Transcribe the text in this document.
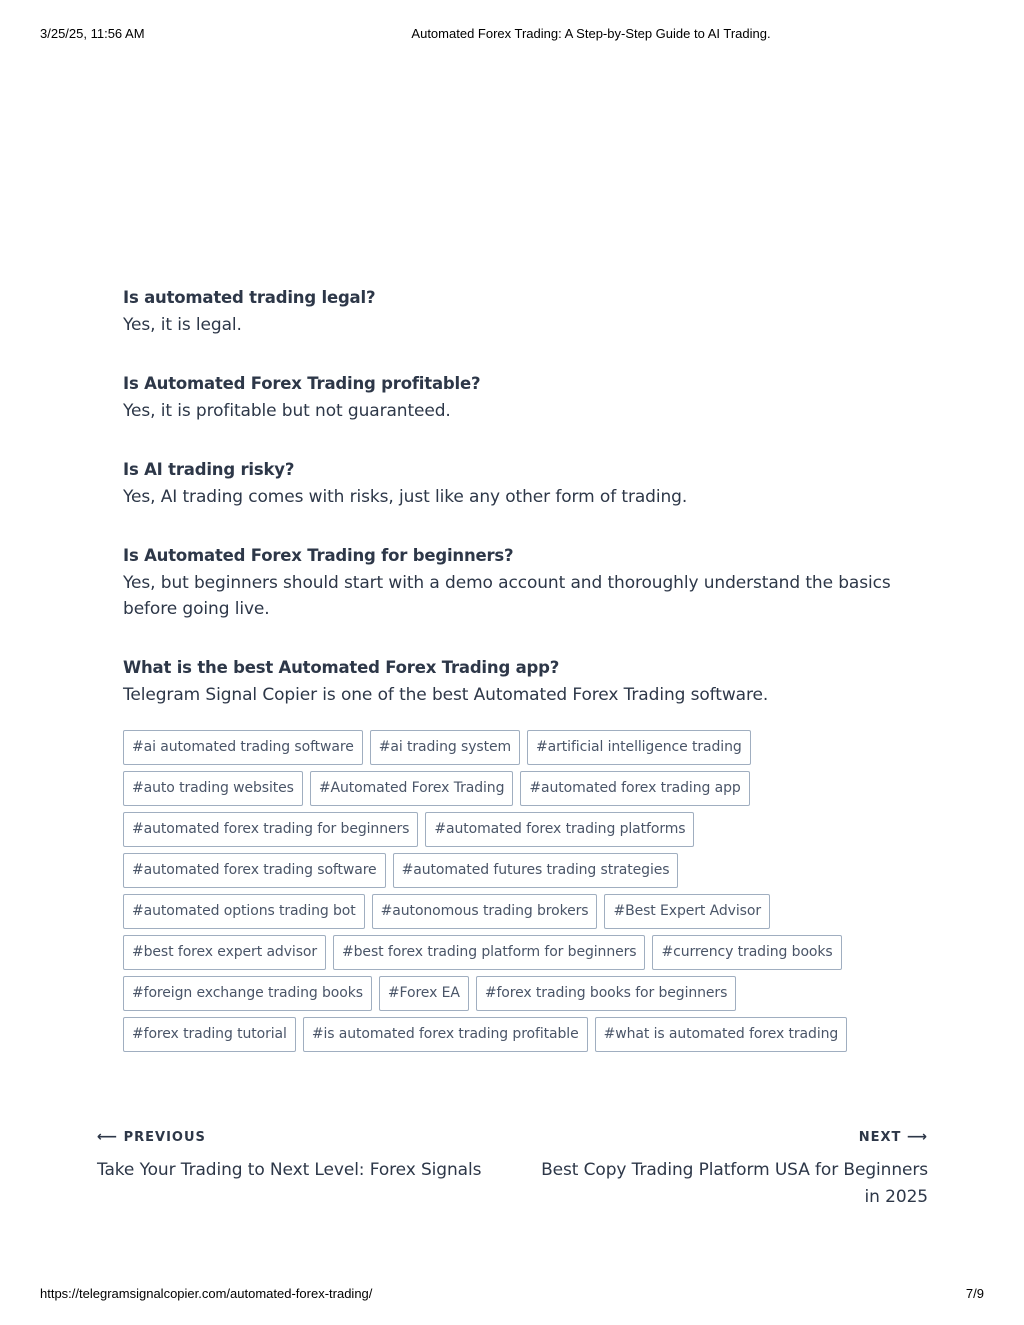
3/25/25, 11:56 AM	Automated Forex Trading: A Step-by-Step Guide to AI Trading.
Is automated trading legal?
Yes, it is legal.
Is Automated Forex Trading profitable?
Yes, it is profitable but not guaranteed.
Is AI trading risky?
Yes, AI trading comes with risks, just like any other form of trading.
Is Automated Forex Trading for beginners?
Yes, but beginners should start with a demo account and thoroughly understand the basics before going live.
What is the best Automated Forex Trading app?
Telegram Signal Copier is one of the best Automated Forex Trading software.
#ai automated trading software	#ai trading system	#artificial intelligence trading
#auto trading websites	#Automated Forex Trading	#automated forex trading app
#automated forex trading for beginners	#automated forex trading platforms
#automated forex trading software	#automated futures trading strategies
#automated options trading bot	#autonomous trading brokers	#Best Expert Advisor
#best forex expert advisor	#best forex trading platform for beginners	#currency trading books
#foreign exchange trading books	#Forex EA	#forex trading books for beginners
#forex trading tutorial	#is automated forex trading profitable	#what is automated forex trading
⟵ PREVIOUS
Take Your Trading to Next Level: Forex Signals
NEXT ⟶
Best Copy Trading Platform USA for Beginners in 2025
https://telegramsignalcopier.com/automated-forex-trading/	7/9
